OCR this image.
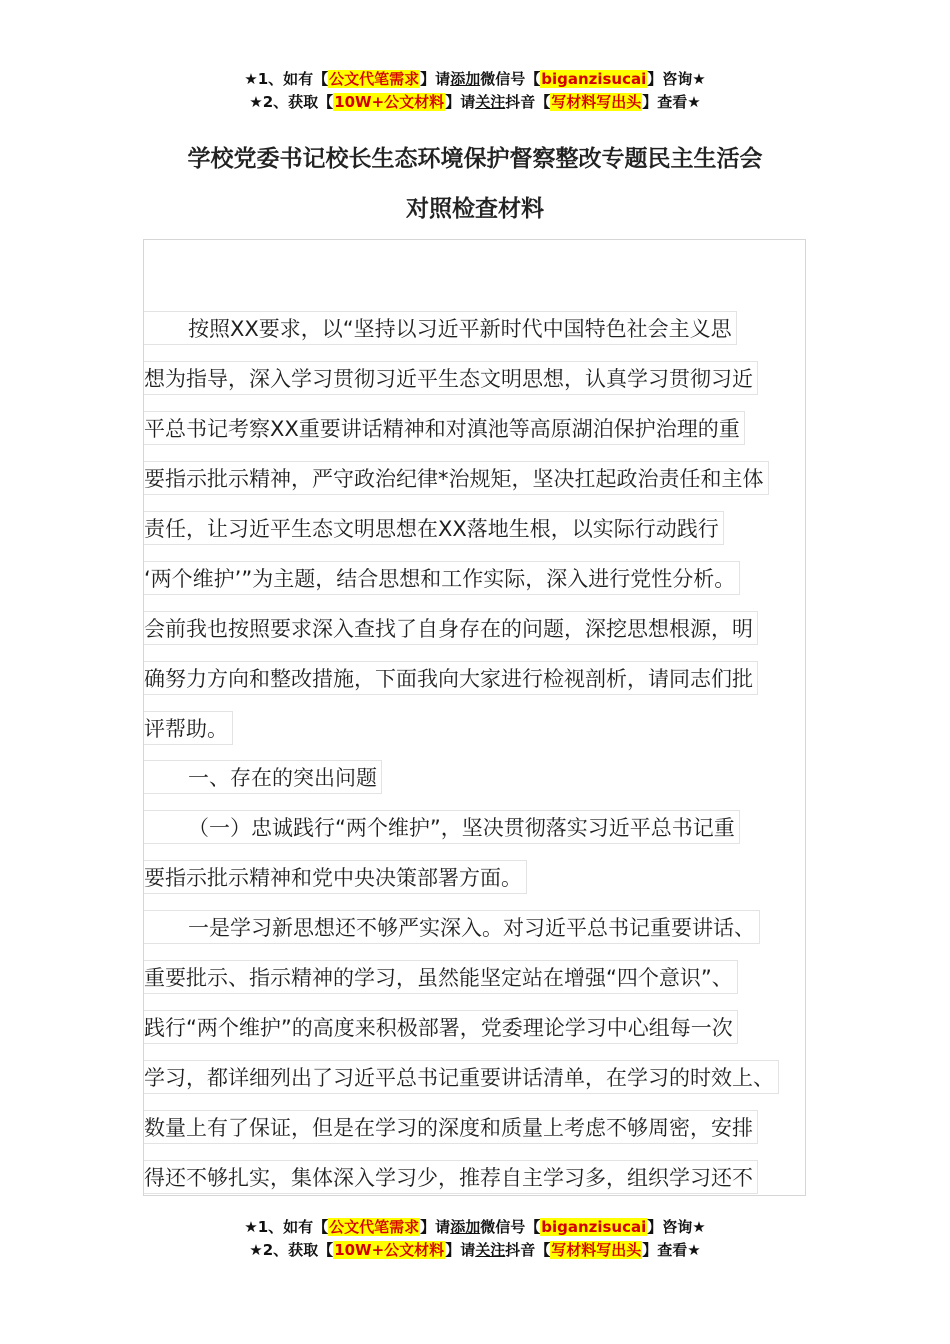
★1、如有【公文代笔需求】请添加微信号【biganzisucai】咨询★
★2、获取【10W+公文材料】请关注抖音【写材料写出头】查看★
学校党委书记校长生态环境保护督察整改专题民主生活会
对照检查材料
按照XX要求，以“坚持以习近平新时代中国特色社会主义思
想为指导，深入学习贯彻习近平生态文明思想，认真学习贯彻习近
平总书记考察XX重要讲话精神和对滇池等高原湖泊保护治理的重
要指示批示精神，严守政治纪律*治规矩，坚决扛起政治责任和主体
责任，让习近平生态文明思想在XX落地生根，以实际行动践行
‘两个维护’”为主题，结合思想和工作实际，深入进行党性分析。
会前我也按照要求深入查找了自身存在的问题，深挖思想根源，明
确努力方向和整改措施，下面我向大家进行检视剖析，请同志们批
评帮助。
一、存在的突出问题
（一）忠诚践行“两个维护”，坚决贯彻落实习近平总书记重
要指示批示精神和党中央决策部署方面。
一是学习新思想还不够严实深入。对习近平总书记重要讲话、
重要批示、指示精神的学习，虽然能坚定站在增强“四个意识”、
践行“两个维护”的高度来积极部署，党委理论学习中心组每一次
学习，都详细列出了习近平总书记重要讲话清单，在学习的时效上、
数量上有了保证，但是在学习的深度和质量上考虑不够周密，安排
得还不够扎实，集体深入学习少，推荐自主学习多，组织学习还不
★1、如有【公文代笔需求】请添加微信号【biganzisucai】咨询★
★2、获取【10W+公文材料】请关注抖音【写材料写出头】查看★
